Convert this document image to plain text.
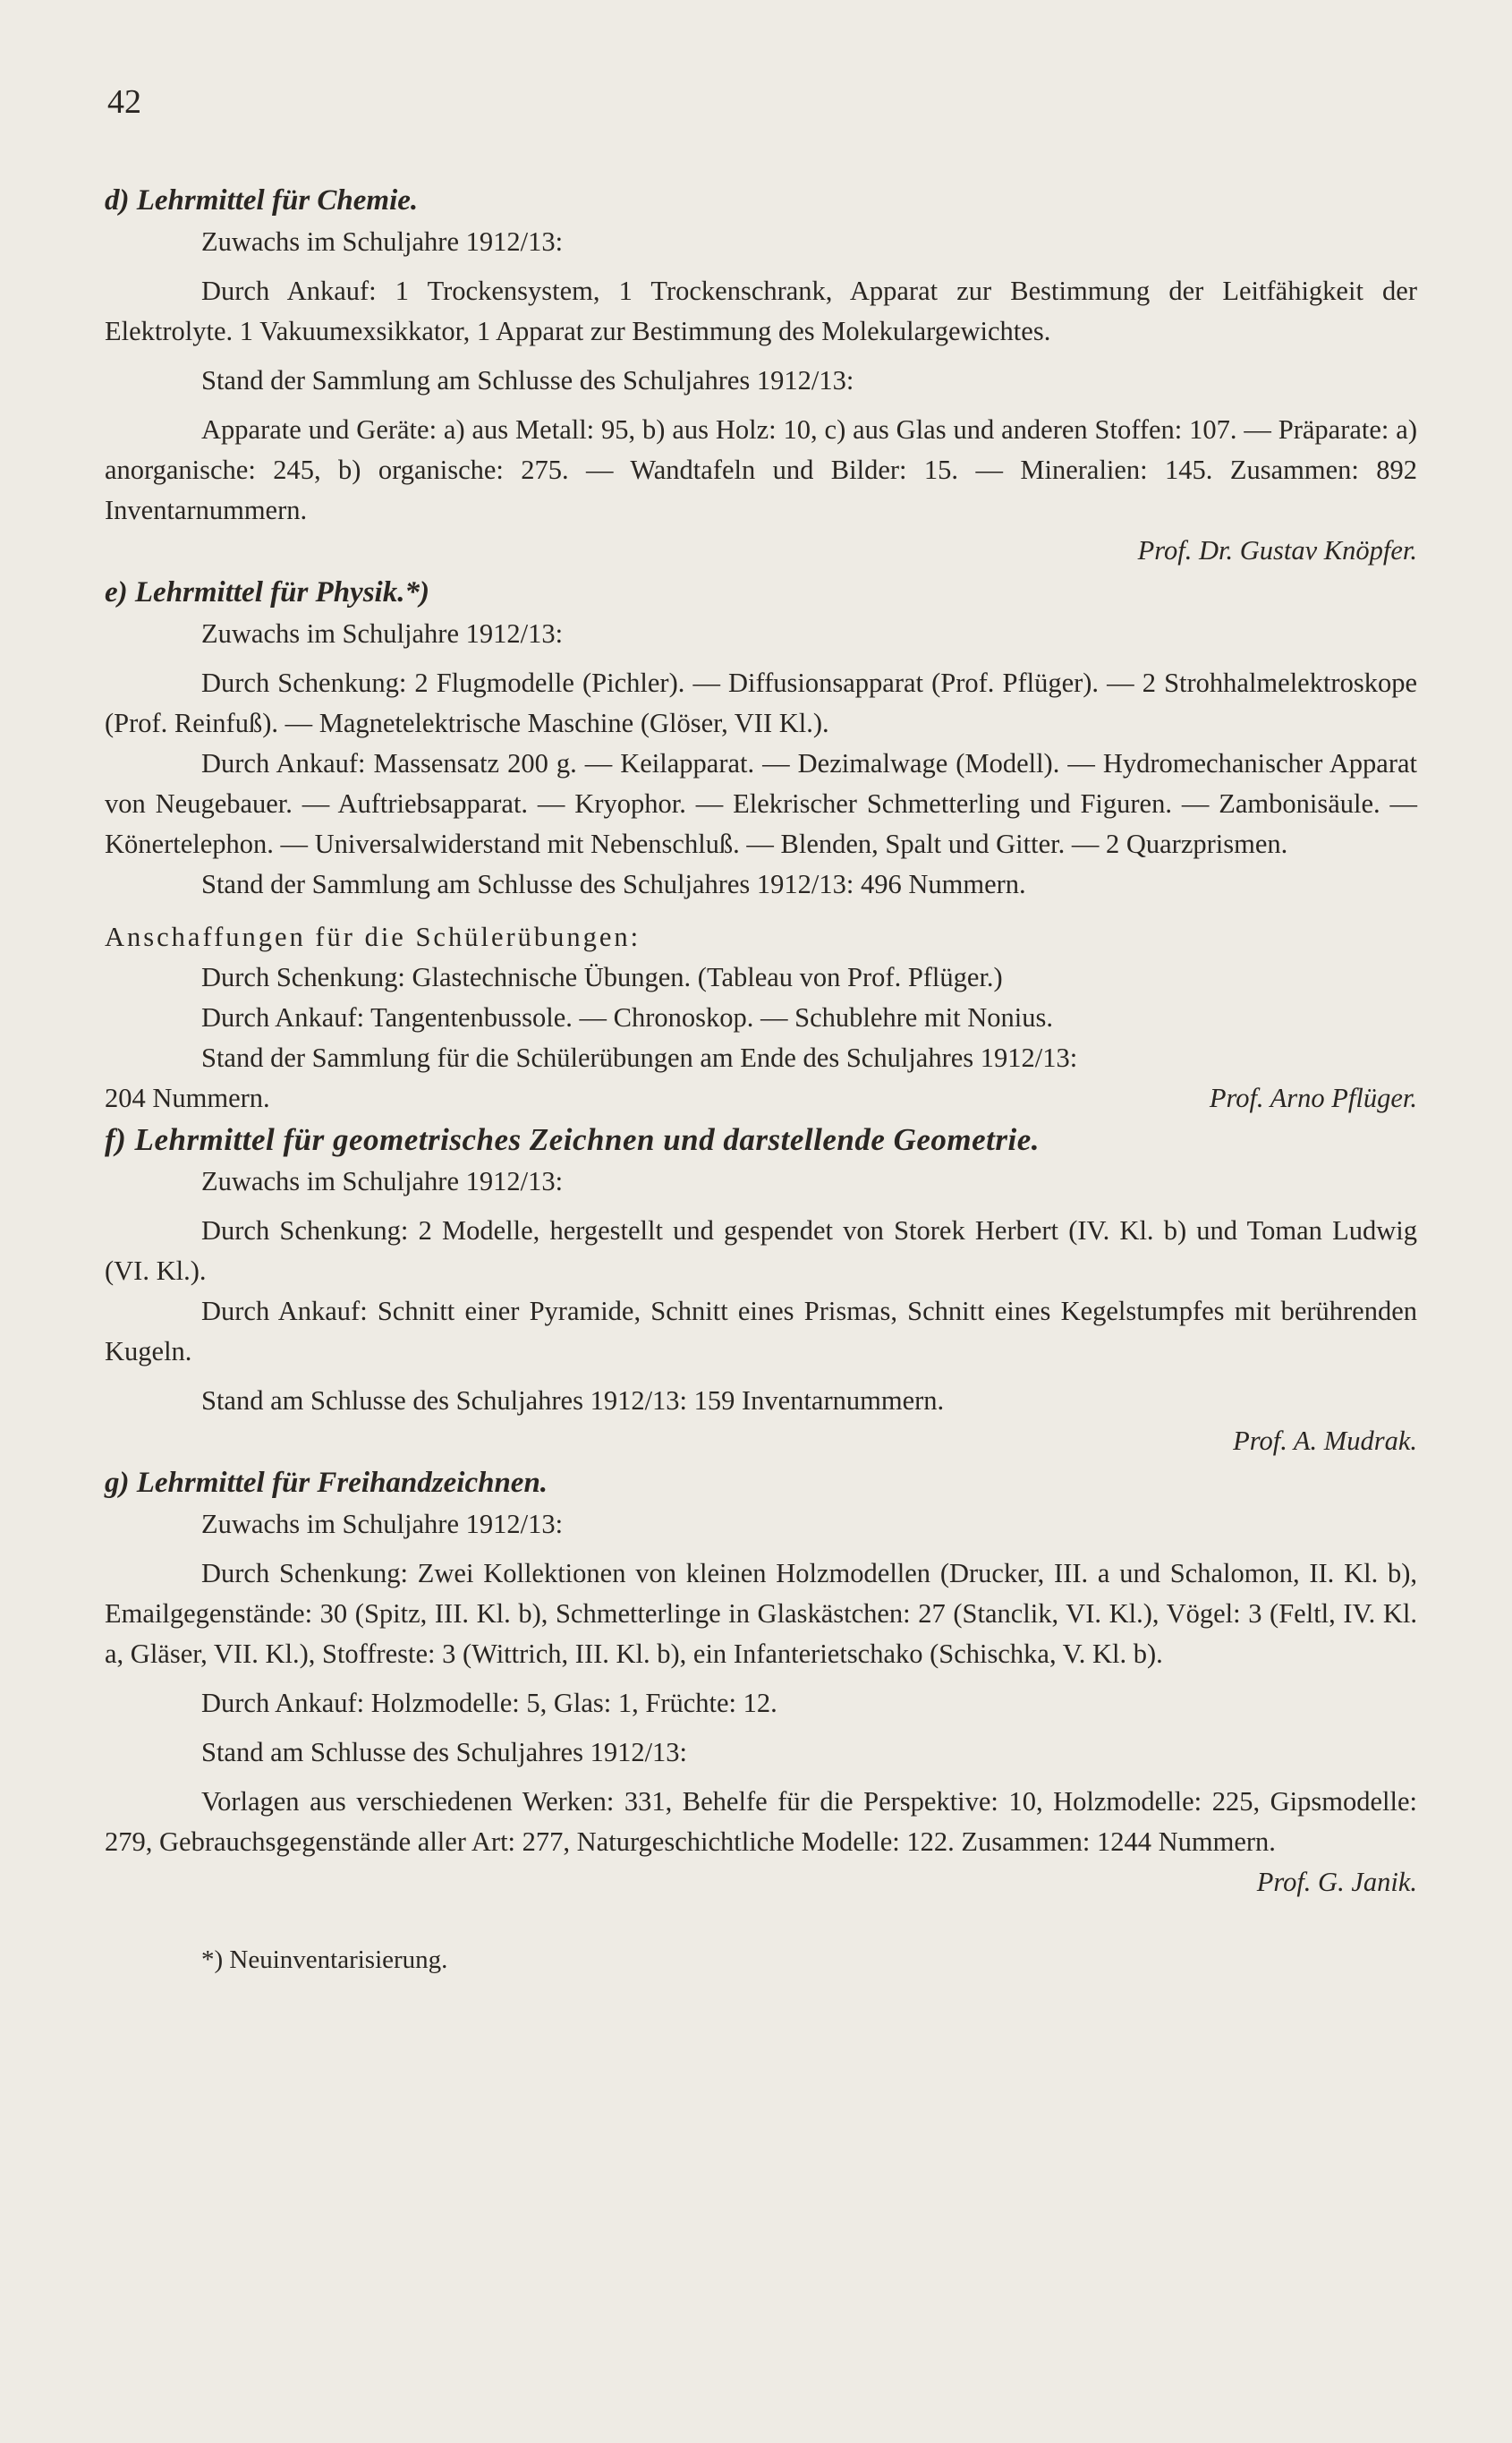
42

d) Lehrmittel für Chemie.

Zuwachs im Schuljahre 1912/13:

Durch Ankauf: 1 Trockensystem, 1 Trockenschrank, Apparat zur Bestimmung der Leitfähigkeit der Elektrolyte. 1 Vakuumexsikkator, 1 Apparat zur Bestimmung des Molekulargewichtes.

Stand der Sammlung am Schlusse des Schuljahres 1912/13:

Apparate und Geräte: a) aus Metall: 95, b) aus Holz: 10, c) aus Glas und anderen Stoffen: 107. — Präparate: a) anorganische: 245, b) organische: 275. — Wandtafeln und Bilder: 15. — Mineralien: 145. Zusammen: 892 Inventarnummern.

Prof. Dr. Gustav Knöpfer.

e) Lehrmittel für Physik.*)

Zuwachs im Schuljahre 1912/13:

Durch Schenkung: 2 Flugmodelle (Pichler). — Diffusionsapparat (Prof. Pflüger). — 2 Strohhalmelektroskope (Prof. Reinfuß). — Magnetelektrische Maschine (Glöser, VII Kl.).

Durch Ankauf: Massensatz 200 g. — Keilapparat. — Dezimalwage (Modell). — Hydromechanischer Apparat von Neugebauer. — Auftriebsapparat. — Kryophor. — Elekrischer Schmetterling und Figuren. — Zambonisäule. — Könertelephon. — Universalwiderstand mit Nebenschluß. — Blenden, Spalt und Gitter. — 2 Quarzprismen.

Stand der Sammlung am Schlusse des Schuljahres 1912/13: 496 Nummern.

Anschaffungen für die Schülerübungen:

Durch Schenkung: Glastechnische Übungen. (Tableau von Prof. Pflüger.)

Durch Ankauf: Tangentenbussole. — Chronoskop. — Schublehre mit Nonius.

Stand der Sammlung für die Schülerübungen am Ende des Schuljahres 1912/13:

204 Nummern.	Prof. Arno Pflüger.

f) Lehrmittel für geometrisches Zeichnen und darstellende Geometrie.

Zuwachs im Schuljahre 1912/13:

Durch Schenkung: 2 Modelle, hergestellt und gespendet von Storek Herbert (IV. Kl. b) und Toman Ludwig (VI. Kl.).

Durch Ankauf: Schnitt einer Pyramide, Schnitt eines Prismas, Schnitt eines Kegelstumpfes mit berührenden Kugeln.

Stand am Schlusse des Schuljahres 1912/13: 159 Inventarnummern.

Prof. A. Mudrak.

g) Lehrmittel für Freihandzeichnen.

Zuwachs im Schuljahre 1912/13:

Durch Schenkung: Zwei Kollektionen von kleinen Holzmodellen (Drucker, III. a und Schalomon, II. Kl. b), Emailgegenstände: 30 (Spitz, III. Kl. b), Schmetterlinge in Glaskästchen: 27 (Stanclik, VI. Kl.), Vögel: 3 (Feltl, IV. Kl. a, Gläser, VII. Kl.), Stoffreste: 3 (Wittrich, III. Kl. b), ein Infanterietschako (Schischka, V. Kl. b).

Durch Ankauf: Holzmodelle: 5, Glas: 1, Früchte: 12.

Stand am Schlusse des Schuljahres 1912/13:

Vorlagen aus verschiedenen Werken: 331, Behelfe für die Perspektive: 10, Holzmodelle: 225, Gipsmodelle: 279, Gebrauchsgegenstände aller Art: 277, Naturgeschichtliche Modelle: 122. Zusammen: 1244 Nummern.

Prof. G. Janik.

*) Neuinventarisierung.
